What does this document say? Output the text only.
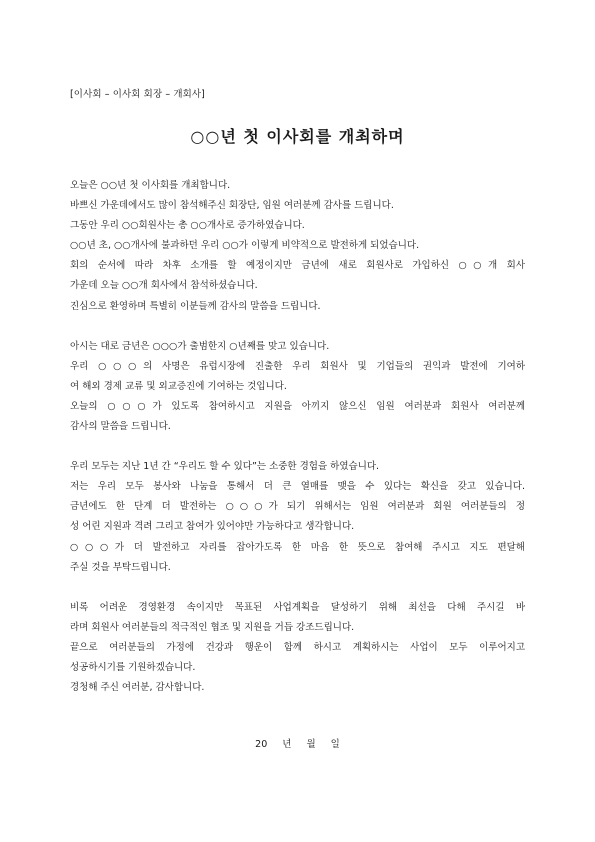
[이사회 – 이사회 회장 – 개회사]
○○년 첫 이사회를 개최하며
오늘은 ○○년 첫 이사회를 개최합니다.
바쁘신 가운데에서도 많이 참석해주신 회장단, 임원 여러분께 감사를 드립니다.
그동안 우리 ○○회원사는 총 ○○개사로 증가하였습니다.
○○년 초, ○○개사에 불과하던 우리 ○○가 이렇게 비약적으로 발전하게 되었습니다.
회의 순서에 따라 차후 소개를 할 예정이지만 금년에 새로 회원사로 가입하신 ○○개 회사
가운데 오늘 ○○개 회사에서 참석하셨습니다.
진심으로 환영하며 특별히 이분들께 감사의 말씀을 드립니다.
아시는 대로 금년은 ○○○가 출범한지 ○년째를 맞고 있습니다.
우리 ○○○의 사명은 유럽시장에 진출한 우리 회원사 및 기업들의 권익과 발전에 기여하
여 해외 경제 교류 및 외교증진에 기여하는 것입니다.
오늘의 ○○○가 있도록 참여하시고 지원을 아끼지 않으신 임원 여러분과 회원사 여러분께
감사의 말씀을 드립니다.
우리 모두는 지난 1년 간 “우리도 할 수 있다”는 소중한 경험을 하였습니다.
저는 우리 모두 봉사와 나눔을 통해서 더 큰 열매를 맺을 수 있다는 확신을 갖고 있습니다.
금년에도 한 단계 더 발전하는 ○○○가 되기 위해서는 임원 여러분과 회원 여러분들의 정
성 어린 지원과 격려 그리고 참여가 있어야만 가능하다고 생각합니다.
○○○가 더 발전하고 자리를 잡아가도록 한 마음 한 뜻으로 참여해 주시고 지도 편달해
주실 것을 부탁드립니다.
비록 어려운 경영환경 속이지만 목표된 사업계획을 달성하기 위해 최선을 다해 주시길 바
라며 회원사 여러분들의 적극적인 협조 및 지원을 거듭 강조드립니다.
끝으로 여러분들의 가정에 건강과 행운이 함께 하시고 계획하시는 사업이 모두 이루어지고
성공하시기를 기원하겠습니다.
경청해 주신 여러분, 감사합니다.
20 년 월 일
